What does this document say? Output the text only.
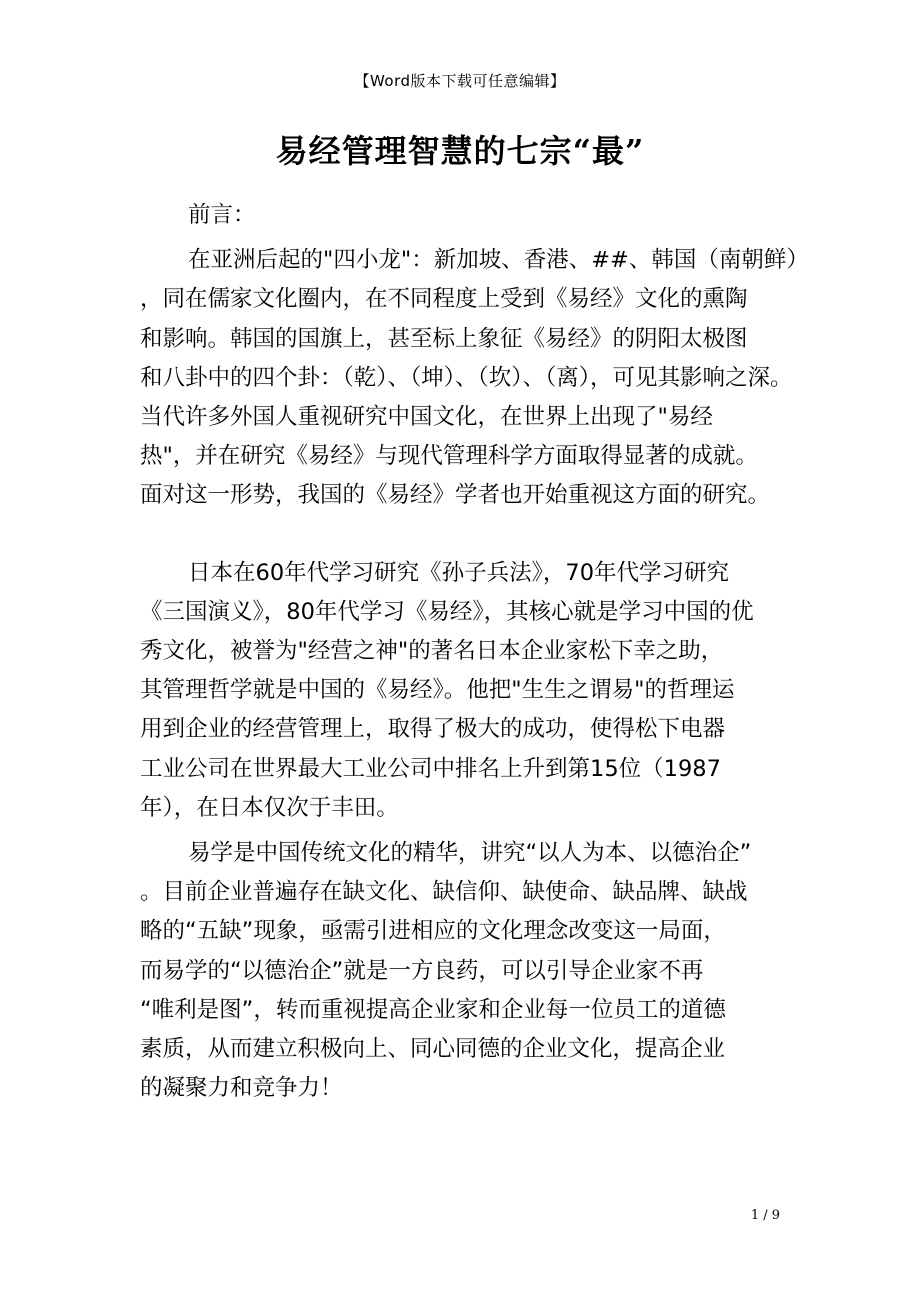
【Word版本下载可任意编辑】
易经管理智慧的七宗“最”

前言：

在亚洲后起的"四小龙"：新加坡、香港、##、韩国（南朝鲜）
，同在儒家文化圈内，在不同程度上受到《易经》文化的熏陶
和影响。韩国的国旗上，甚至标上象征《易经》的阴阳太极图
和八卦中的四个卦：（乾）、（坤）、（坎）、（离），可见其影响之深。
当代许多外国人重视研究中国文化，在世界上出现了"易经
热"，并在研究《易经》与现代管理科学方面取得显著的成就。
面对这一形势，我国的《易经》学者也开始重视这方面的研究。

日本在60年代学习研究《孙子兵法》，70年代学习研究
《三国演义》，80年代学习《易经》，其核心就是学习中国的优
秀文化，被誉为"经营之神"的著名日本企业家松下幸之助，
其管理哲学就是中国的《易经》。他把"生生之谓易"的哲理运
用到企业的经营管理上，取得了极大的成功，使得松下电器
工业公司在世界最大工业公司中排名上升到第15位（1987
年），在日本仅次于丰田。

易学是中国传统文化的精华，讲究“以人为本、以德治企”
。目前企业普遍存在缺文化、缺信仰、缺使命、缺品牌、缺战
略的“五缺”现象，亟需引进相应的文化理念改变这一局面，
而易学的“以德治企”就是一方良药，可以引导企业家不再
“唯利是图”，转而重视提高企业家和企业每一位员工的道德
素质，从而建立积极向上、同心同德的企业文化，提高企业
的凝聚力和竞争力！

1 / 9
